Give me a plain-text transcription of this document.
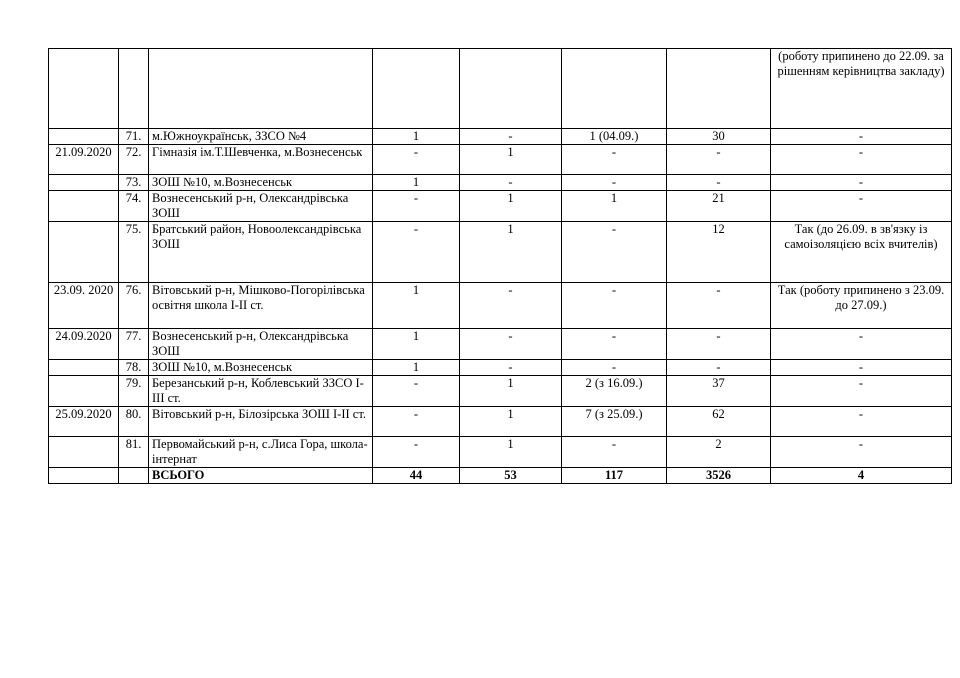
							(роботу припинено до 22.09. за рішенням керівництва закладу)
	71.	м.Южноукраїнськ, ЗЗСО №4	1	-	1 (04.09.)	30	-
21.09.2020	72.	Гімназія ім.Т.Шевченка, м.Вознесенськ	-	1	-	-	-
	73.	ЗОШ №10, м.Вознесенськ	1	-	-	-	-
	74.	Вознесенський р-н, Олександрівська ЗОШ	-	1	1	21	-
	75.	Братський район, Новоолександрівська ЗОШ	-	1	-	12	Так (до 26.09. в зв'язку із самоізоляцією всіх вчителів)
23.09. 2020	76.	Вітовський р-н, Мішково-Погорілівська освітня школа І-ІІ ст.	1	-	-	-	Так (роботу припинено з 23.09. до 27.09.)
24.09.2020	77.	Вознесенський р-н, Олександрівська ЗОШ	1	-	-	-	-
	78.	ЗОШ №10, м.Вознесенськ	1	-	-	-	-
	79.	Березанський р-н, Коблевський ЗЗСО І-ІІІ ст.	-	1	2 (з 16.09.)	37	-
25.09.2020	80.	Вітовський р-н, Білозірська ЗОШ І-ІІ ст.	-	1	7 (з 25.09.)	62	-
	81.	Первомайський р-н, с.Лиса Гора, школа-інтернат	-	1	-	2	-
		ВСЬОГО	44	53	117	3526	4
